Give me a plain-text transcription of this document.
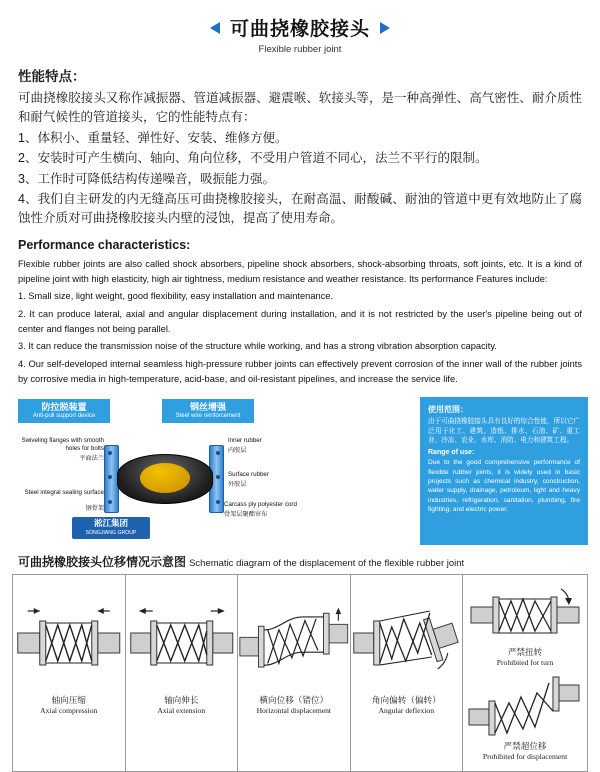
可曲挠橡胶接头
Flexible rubber joint
性能特点：

可曲挠橡胶接头又称作减振器、管道减振器、避震喉、软接头等，是一种高弹性、高气密性、耐介质性和耐气候性的管道接头，它的性能特点有：

1、体积小、重量轻、弹性好、安装、维修方便。

2、安装时可产生横向、轴向、角向位移，不受用户管道不同心，法兰不平行的限制。

3、工作时可降低结构传递噪音，吸振能力强。

4、我们自主研发的内无缝高压可曲挠橡胶接头，在耐高温、耐酸碱、耐油的管道中更有效地防止了腐蚀性介质对可曲挠橡胶接头内壁的浸蚀，提高了使用寿命。

Performance characteristics:

Flexible rubber joints are also called shock absorbers, pipeline shock absorbers, shock-absorbing throats, soft joints, etc. It is a kind of pipeline joint with high elasticity, high air tightness, medium resistance and weather resistance. Its performance Features include:

1. Small size, light weight, good flexibility, easy installation and maintenance.

2. It can produce lateral, axial and angular displacement during installation, and it is not restricted by the user's pipeline being out of center and flanges not being parallel.

3. It can reduce the transmission noise of the structure while working, and has a strong vibration absorption capacity.

4. Our self-developed internal seamless high-pressure rubber joints can effectively prevent corrosion of the inner wall of the rubber joints by corrosive media in high-temperature, acid-base, and oil-resistant pipelines, and increase the service life.

防拉脱装置
Anti-pull support device
钢丝增强
Steel wire reinforcement
Swiveling flanges with smooth holes for bolts
平面法兰
Steel integral sealing surface
钢骨架
Inner rubber
内胶层
Surface rubber
外胶层
Carcass ply polyester cord
骨架层聚酯帘布
淞江集团
SONGJIANG GROUP
使用范围：
由于可曲挠橡胶接头具有良好的综合性能，所以它广泛用于化工、建筑、造纸、排水、石油、矿、重工业、冷冻、农业、水库、消防、电力和建筑工程。
Range of use:
Due to the good comprehensive performance of flexible rubber joints, it is widely used in basic projects such as chemical industry, construction, water supply, drainage, petroleum, light and heavy industries, refrigeration, sanitation, plumbing, fire fighting, and electric power.
可曲挠橡胶接头位移情况示意图 Schematic diagram of the displacement of the flexible rubber joint
轴向压缩
Axial compression
轴向伸长
Axial extension
横向位移（错位）
Horizontal displacement
角向偏转（偏转）
Angular deflexion
严禁扭转
Prohibited for turn
严禁超位移
Prohibited for displacement
